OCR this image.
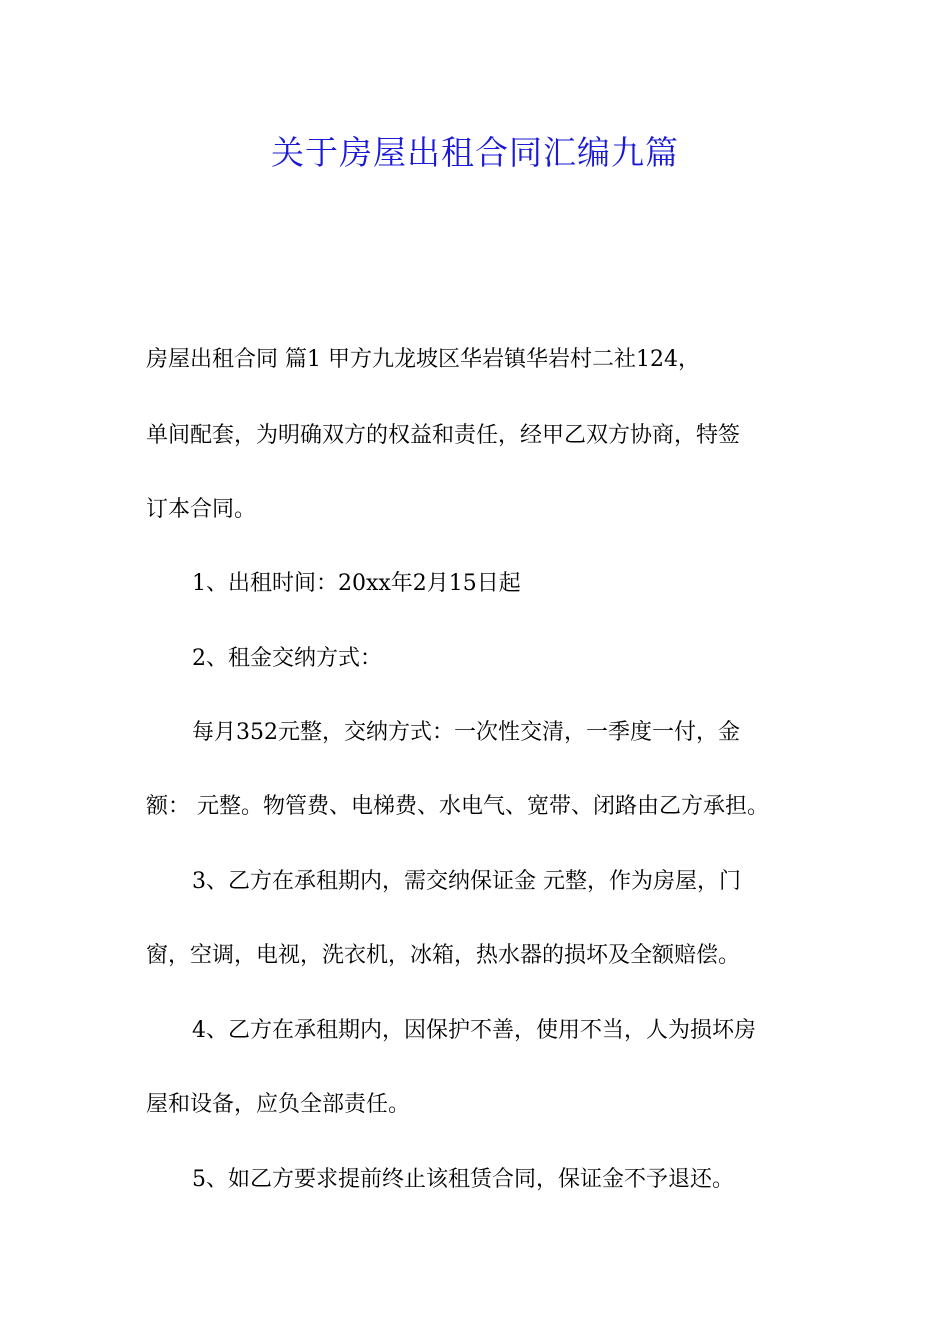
关于房屋出租合同汇编九篇
房屋出租合同 篇1 甲方九龙坡区华岩镇华岩村二社124，
单间配套，为明确双方的权益和责任，经甲乙双方协商，特签
订本合同。
1、出租时间：20xx年2月15日起
2、租金交纳方式：
每月352元整，交纳方式：一次性交清，一季度一付，金
额： 元整。物管费、电梯费、水电气、宽带、闭路由乙方承担。
3、乙方在承租期内，需交纳保证金 元整，作为房屋，门
窗，空调，电视，洗衣机，冰箱，热水器的损坏及全额赔偿。
4、乙方在承租期内，因保护不善，使用不当，人为损坏房
屋和设备，应负全部责任。
5、如乙方要求提前终止该租赁合同，保证金不予退还。
